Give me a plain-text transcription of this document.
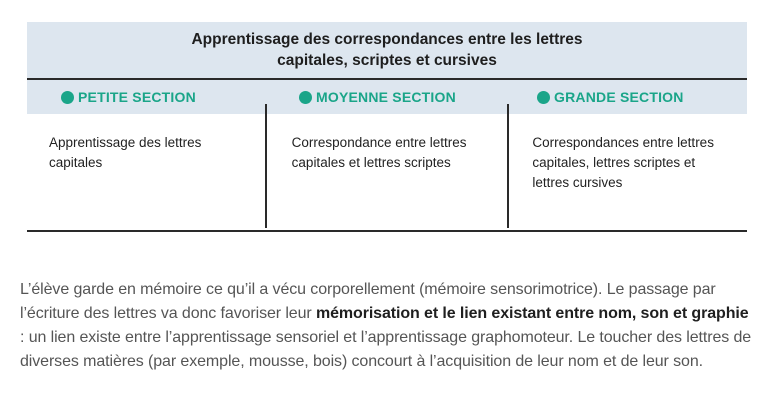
Apprentissage des correspondances entre les lettres
capitales, scriptes et cursives
PETITE SECTION	MOYENNE SECTION	GRANDE SECTION
Apprentissage des lettres capitales
Correspondance entre lettres capitales et lettres scriptes
Correspondances entre lettres capitales, lettres scriptes et lettres cursives

L’élève garde en mémoire ce qu’il a vécu corporellement (mémoire sensorimotrice). Le passage par l’écriture des lettres va donc favoriser leur mémorisation et le lien existant entre nom, son et graphie : un lien existe entre l’apprentissage sensoriel et l’apprentissage graphomoteur. Le toucher des lettres de diverses matières (par exemple, mousse, bois) concourt à l’acquisition de leur nom et de leur son.
